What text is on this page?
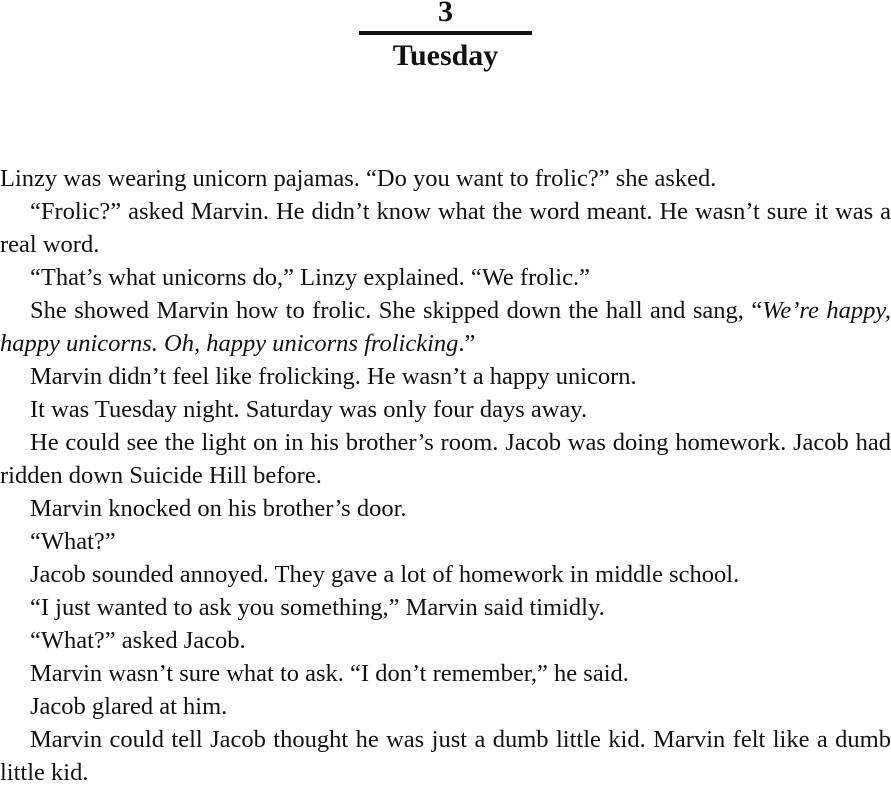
3
Tuesday

Linzy was wearing unicorn pajamas. “Do you want to frolic?” she asked.

“Frolic?” asked Marvin. He didn’t know what the word meant. He wasn’t sure it was a real word.

“That’s what unicorns do,” Linzy explained. “We frolic.”

She showed Marvin how to frolic. She skipped down the hall and sang, “We’re happy, happy unicorns. Oh, happy unicorns frolicking.”

Marvin didn’t feel like frolicking. He wasn’t a happy unicorn.

It was Tuesday night. Saturday was only four days away.

He could see the light on in his brother’s room. Jacob was doing homework. Jacob had ridden down Suicide Hill before.

Marvin knocked on his brother’s door.

“What?”

Jacob sounded annoyed. They gave a lot of homework in middle school.

“I just wanted to ask you something,” Marvin said timidly.

“What?” asked Jacob.

Marvin wasn’t sure what to ask. “I don’t remember,” he said.

Jacob glared at him.

Marvin could tell Jacob thought he was just a dumb little kid. Marvin felt like a dumb little kid.
